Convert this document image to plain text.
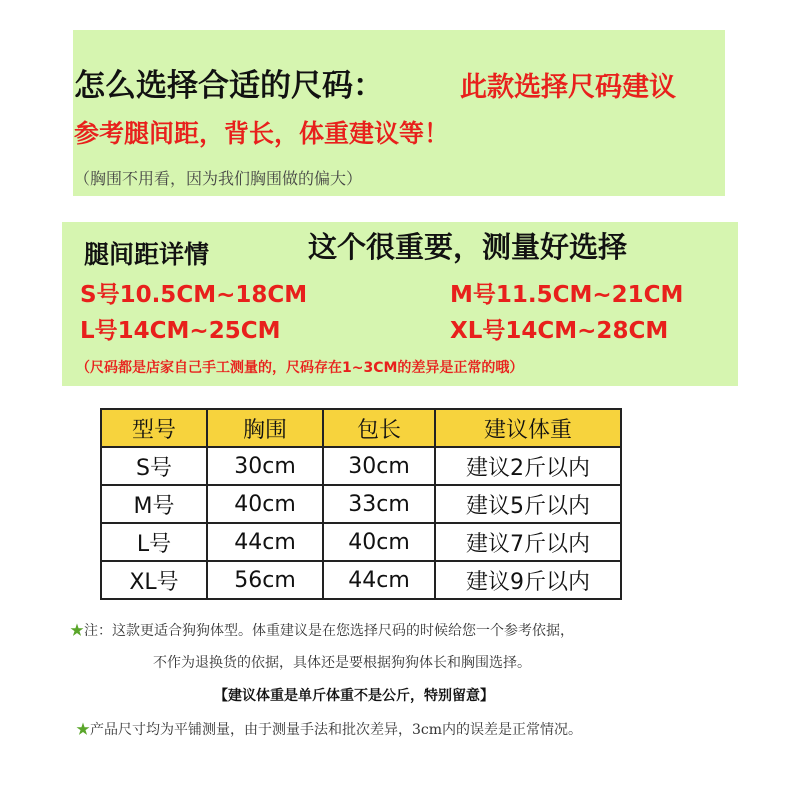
怎么选择合适的尺码：	此款选择尺码建议
参考腿间距，背长，体重建议等！
（胸围不用看，因为我们胸围做的偏大）
腿间距详情	这个很重要，测量好选择
S号10.5CM~18CM	M号11.5CM~21CM
L号14CM~25CM	XL号14CM~28CM
（尺码都是店家自己手工测量的，尺码存在1~3CM的差异是正常的哦）
型号	胸围	包长	建议体重
S号	30cm	30cm	建议2斤以内
M号	40cm	33cm	建议5斤以内
L号	44cm	40cm	建议7斤以内
XL号	56cm	44cm	建议9斤以内
★注：这款更适合狗狗体型。体重建议是在您选择尺码的时候给您一个参考依据，
不作为退换货的依据，具体还是要根据狗狗体长和胸围选择。
【建议体重是单斤体重不是公斤，特别留意】
★产品尺寸均为平铺测量，由于测量手法和批次差异，3cm内的误差是正常情况。
